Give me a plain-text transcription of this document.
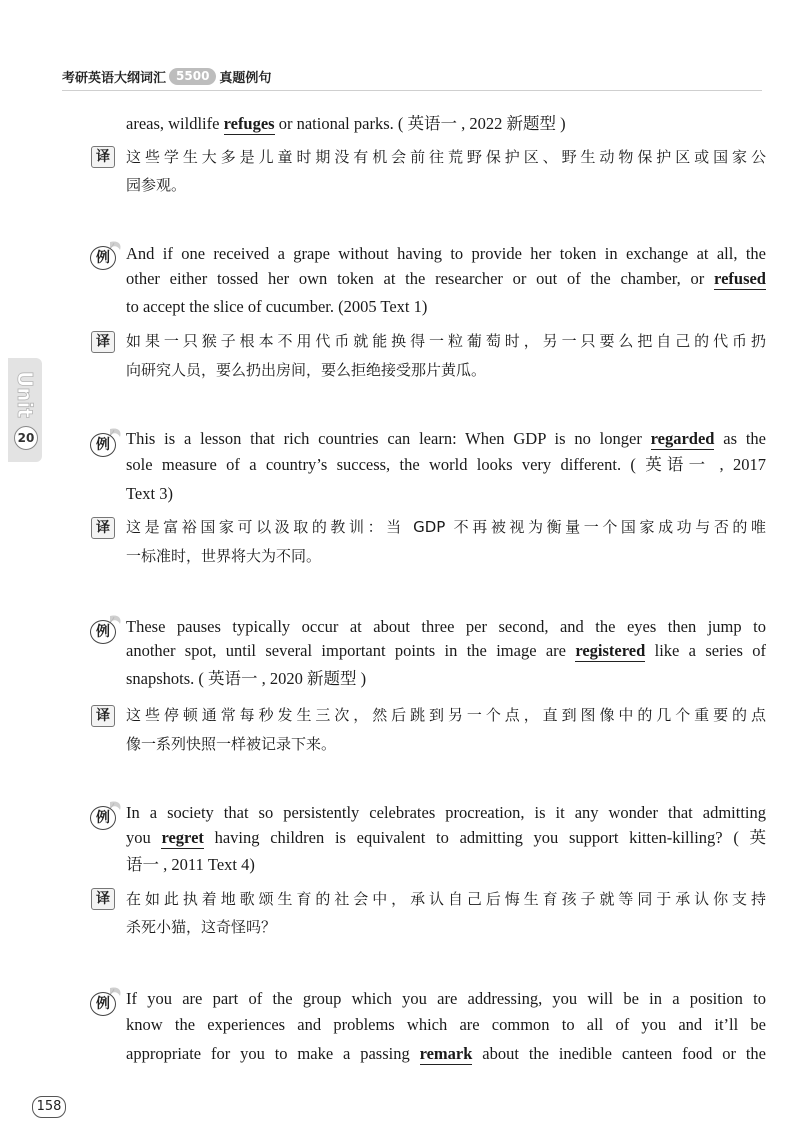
考研英语大纲词汇 5500 真题例句
Unit
20
areas, wildlife refuges or national parks. ( 英语一 , 2022 新题型 )
译	这些学生大多是儿童时期没有机会前往荒野保护区、野生动物保护区或国家公
园参观。
例 And if one received a grape without having to provide her token in exchange at all, the
other either tossed her own token at the researcher or out of the chamber, or refused
to accept the slice of cucumber. (2005 Text 1)
译	如果一只猴子根本不用代币就能换得一粒葡萄时，另一只要么把自己的代币扔
向研究人员，要么扔出房间，要么拒绝接受那片黄瓜。
例 This is a lesson that rich countries can learn: When GDP is no longer regarded as the
sole measure of a country’s success, the world looks very different. ( 英语一 , 2017
Text 3)
译	这是富裕国家可以汲取的教训：当 GDP 不再被视为衡量一个国家成功与否的唯
一标准时，世界将大为不同。
例 These pauses typically occur at about three per second, and the eyes then jump to
another spot, until several important points in the image are registered like a series of
snapshots. ( 英语一 , 2020 新题型 )
译	这些停顿通常每秒发生三次，然后跳到另一个点，直到图像中的几个重要的点
像一系列快照一样被记录下来。
例 In a society that so persistently celebrates procreation, is it any wonder that admitting
you regret having children is equivalent to admitting you support kitten-killing? ( 英
语一 , 2011 Text 4)
译	在如此执着地歌颂生育的社会中，承认自己后悔生育孩子就等同于承认你支持
杀死小猫，这奇怪吗？
例 If you are part of the group which you are addressing, you will be in a position to
know the experiences and problems which are common to all of you and it’ll be
appropriate for you to make a passing remark about the inedible canteen food or the
158
